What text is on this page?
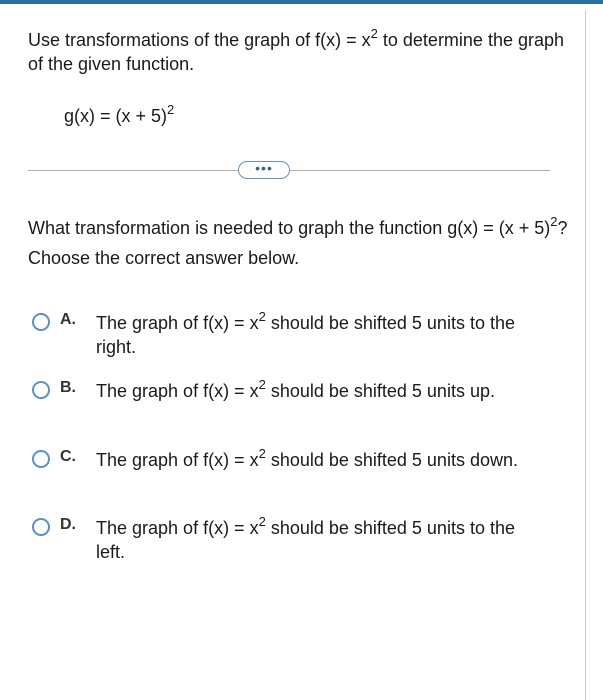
Use transformations of the graph of $f(x) = x^2$ to determine the graph of the given function.
$g(x) = (x + 5)^2$
•••
What transformation is needed to graph the function $g(x) = (x + 5)^2$? Choose the correct answer below.
A. The graph of $f(x) = x^2$ should be shifted 5 units to the right.
B. The graph of $f(x) = x^2$ should be shifted 5 units up.
C. The graph of $f(x) = x^2$ should be shifted 5 units down.
D. The graph of $f(x) = x^2$ should be shifted 5 units to the left.
